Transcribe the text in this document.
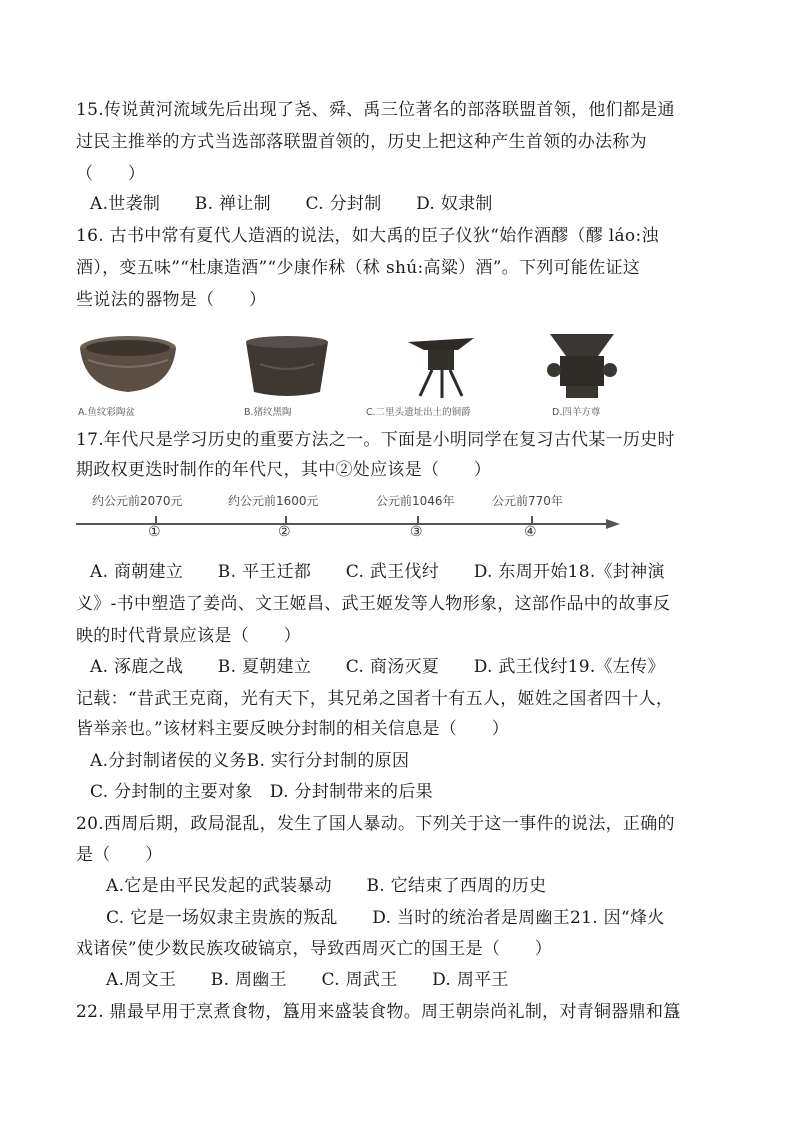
15.传说黄河流域先后出现了尧、舜、禹三位著名的部落联盟首领，他们都是通
过民主推举的方式当选部落联盟首领的，历史上把这种产生首领的办法称为
（　　）
A.世袭制　　B. 禅让制　　C. 分封制　　D. 奴隶制
16. 古书中常有夏代人造酒的说法，如大禹的臣子仪狄“始作酒醪（醪 láo:浊
酒），变五味”“杜康造酒”“少康作秫（秫 shú:高粱）酒”。下列可能佐证这
些说法的器物是（　　）
A.鱼纹彩陶盆	B.猪纹黑陶	C.二里头遗址出土的铜爵	D.四羊方尊
17.年代尺是学习历史的重要方法之一。下面是小明同学在复习古代某一历史时
期政权更迭时制作的年代尺，其中②处应该是（　　）
约公元前2070元	约公元前1600元	公元前1046年	公元前770年
①	②	③	④
A. 商朝建立　　B. 平王迁都　　C. 武王伐纣　　D. 东周开始18.《封神演
义》-书中塑造了姜尚、文王姬昌、武王姬发等人物形象，这部作品中的故事反
映的时代背景应该是（　　）
A. 涿鹿之战　　B. 夏朝建立　　C. 商汤灭夏　　D. 武王伐纣19.《左传》
记载：“昔武王克商，光有天下，其兄弟之国者十有五人，姬姓之国者四十人，
皆举亲也。”该材料主要反映分封制的相关信息是（　　）
A.分封制诸侯的义务B. 实行分封制的原因
C. 分封制的主要对象　D. 分封制带来的后果
20.西周后期，政局混乱，发生了国人暴动。下列关于这一事件的说法，正确的
是（　　）
A.它是由平民发起的武装暴动　　B. 它结束了西周的历史
C. 它是一场奴隶主贵族的叛乱　　D. 当时的统治者是周幽王21. 因“烽火
戏诸侯”使少数民族攻破镐京，导致西周灭亡的国王是（　　）
A.周文王　　B. 周幽王　　C. 周武王　　D. 周平王
22. 鼎最早用于烹煮食物，簋用来盛装食物。周王朝崇尚礼制，对青铜器鼎和簋
